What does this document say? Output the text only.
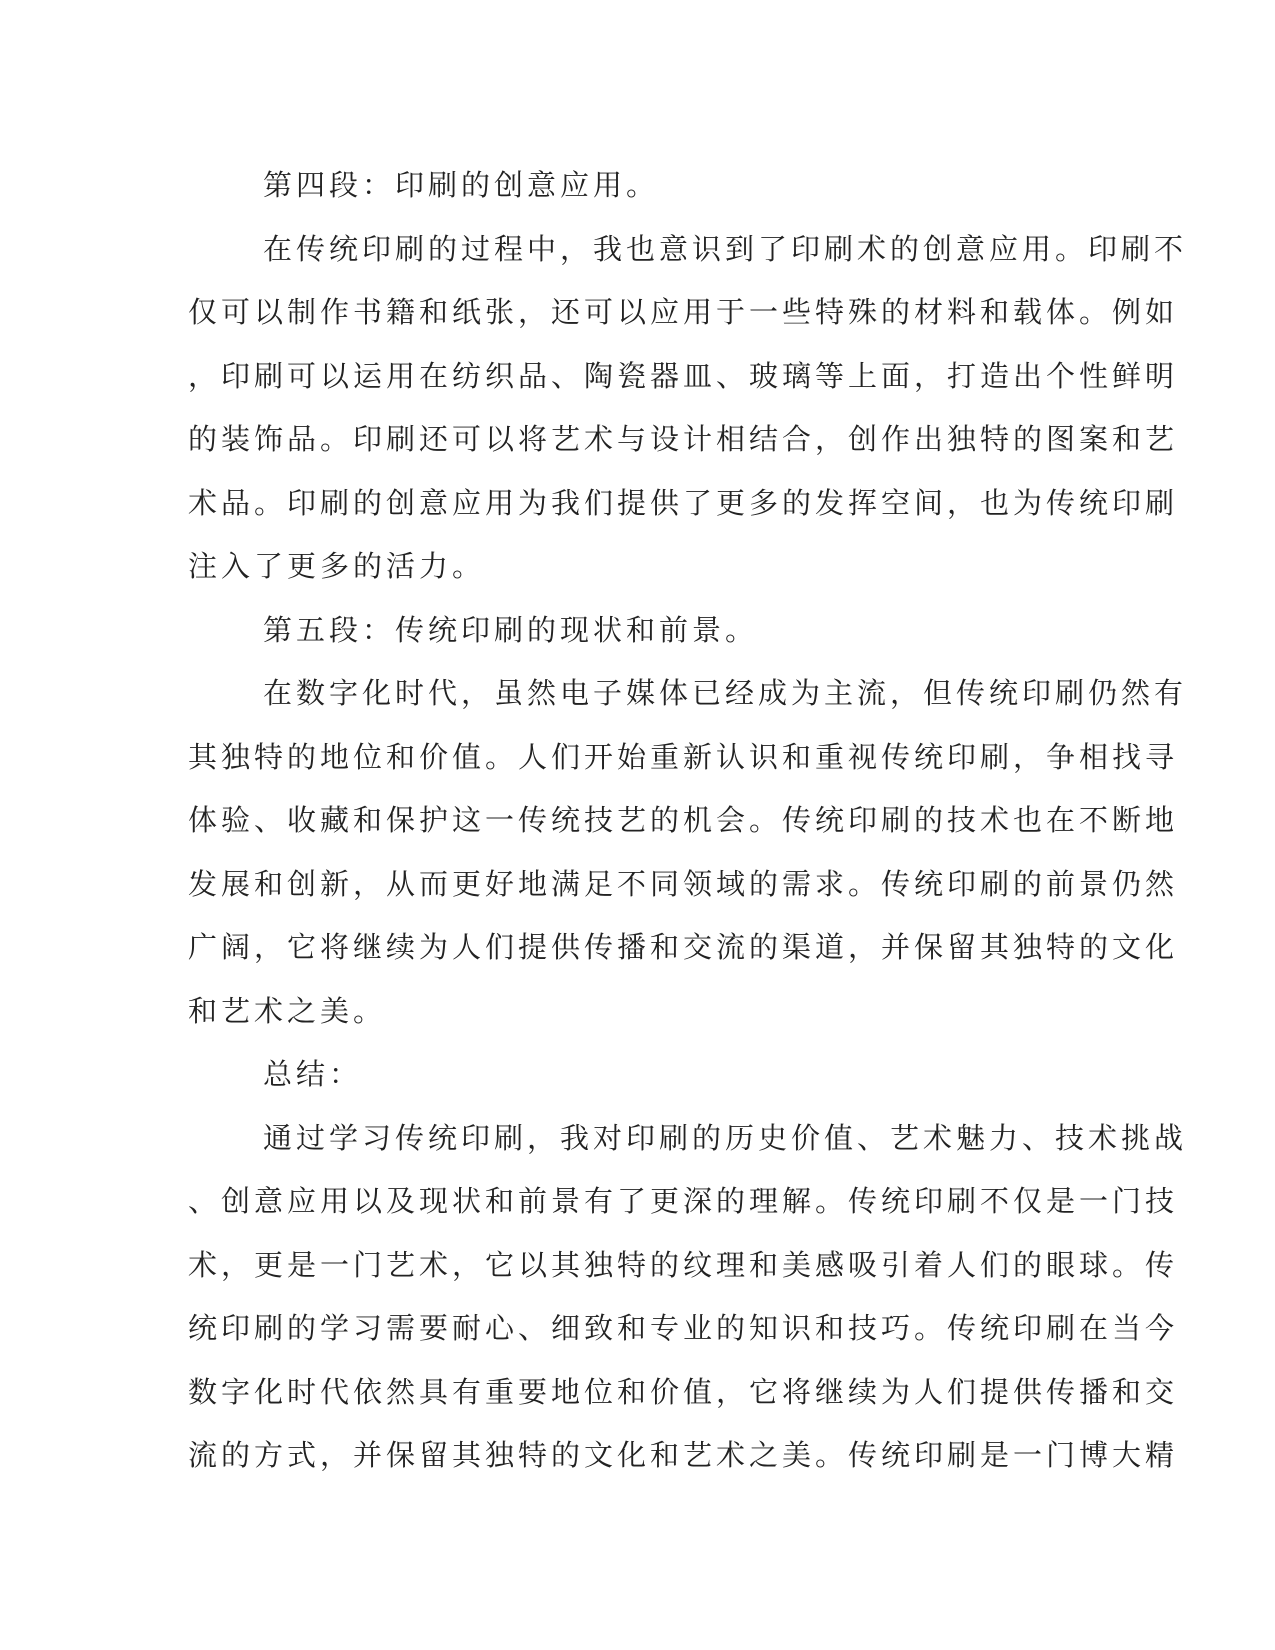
第四段：印刷的创意应用。
在传统印刷的过程中，我也意识到了印刷术的创意应用。印刷不
仅可以制作书籍和纸张，还可以应用于一些特殊的材料和载体。例如
，印刷可以运用在纺织品、陶瓷器皿、玻璃等上面，打造出个性鲜明
的装饰品。印刷还可以将艺术与设计相结合，创作出独特的图案和艺
术品。印刷的创意应用为我们提供了更多的发挥空间，也为传统印刷
注入了更多的活力。
第五段：传统印刷的现状和前景。
在数字化时代，虽然电子媒体已经成为主流，但传统印刷仍然有
其独特的地位和价值。人们开始重新认识和重视传统印刷，争相找寻
体验、收藏和保护这一传统技艺的机会。传统印刷的技术也在不断地
发展和创新，从而更好地满足不同领域的需求。传统印刷的前景仍然
广阔，它将继续为人们提供传播和交流的渠道，并保留其独特的文化
和艺术之美。
总结：
通过学习传统印刷，我对印刷的历史价值、艺术魅力、技术挑战
、创意应用以及现状和前景有了更深的理解。传统印刷不仅是一门技
术，更是一门艺术，它以其独特的纹理和美感吸引着人们的眼球。传
统印刷的学习需要耐心、细致和专业的知识和技巧。传统印刷在当今
数字化时代依然具有重要地位和价值，它将继续为人们提供传播和交
流的方式，并保留其独特的文化和艺术之美。传统印刷是一门博大精
